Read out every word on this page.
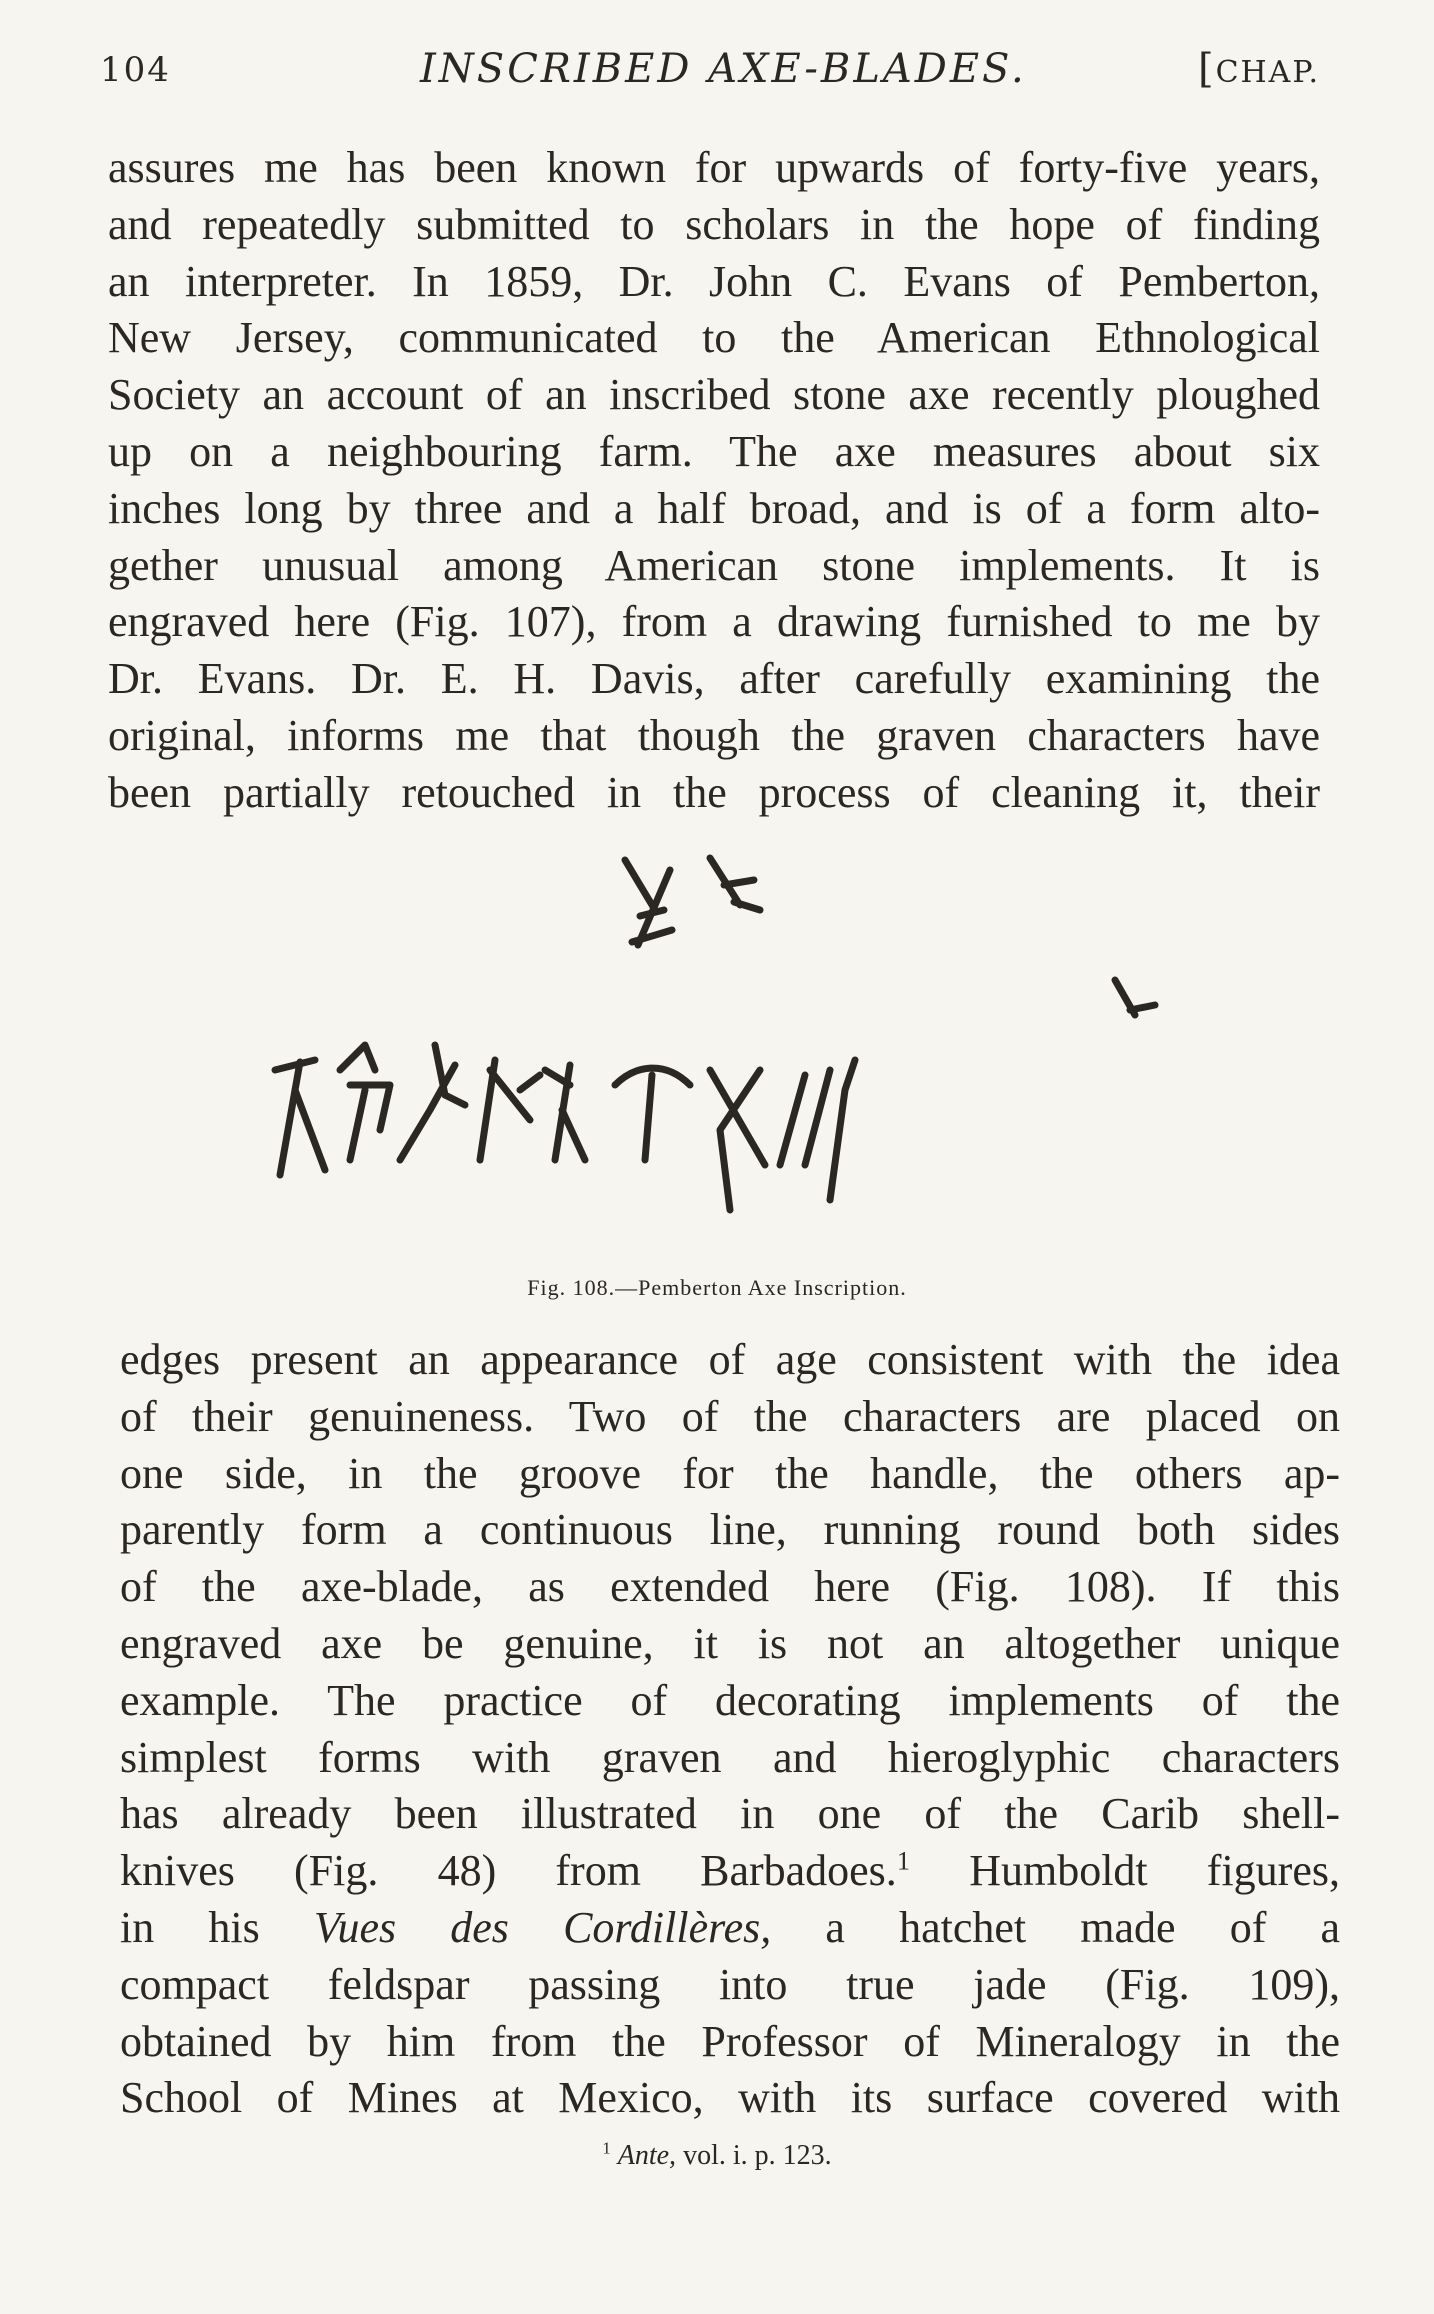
104	INSCRIBED AXE-BLADES.	[CHAP.
assures me has been known for upwards of forty-five years,
and repeatedly submitted to scholars in the hope of finding
an interpreter. In 1859, Dr. John C. Evans of Pemberton,
New Jersey, communicated to the American Ethnological
Society an account of an inscribed stone axe recently ploughed
up on a neighbouring farm. The axe measures about six
inches long by three and a half broad, and is of a form alto-
gether unusual among American stone implements. It is
engraved here (Fig. 107), from a drawing furnished to me by
Dr. Evans. Dr. E. H. Davis, after carefully examining the
original, informs me that though the graven characters have
been partially retouched in the process of cleaning it, their
Fig. 108.—Pemberton Axe Inscription.
edges present an appearance of age consistent with the idea
of their genuineness. Two of the characters are placed on
one side, in the groove for the handle, the others ap-
parently form a continuous line, running round both sides
of the axe-blade, as extended here (Fig. 108). If this
engraved axe be genuine, it is not an altogether unique
example. The practice of decorating implements of the
simplest forms with graven and hieroglyphic characters
has already been illustrated in one of the Carib shell-
knives (Fig. 48) from Barbadoes.$^1$ Humboldt figures,
in his Vues des Cordillères, a hatchet made of a
compact feldspar passing into true jade (Fig. 109),
obtained by him from the Professor of Mineralogy in the
School of Mines at Mexico, with its surface covered with
$^1$ Ante, vol. i. p. 123.
